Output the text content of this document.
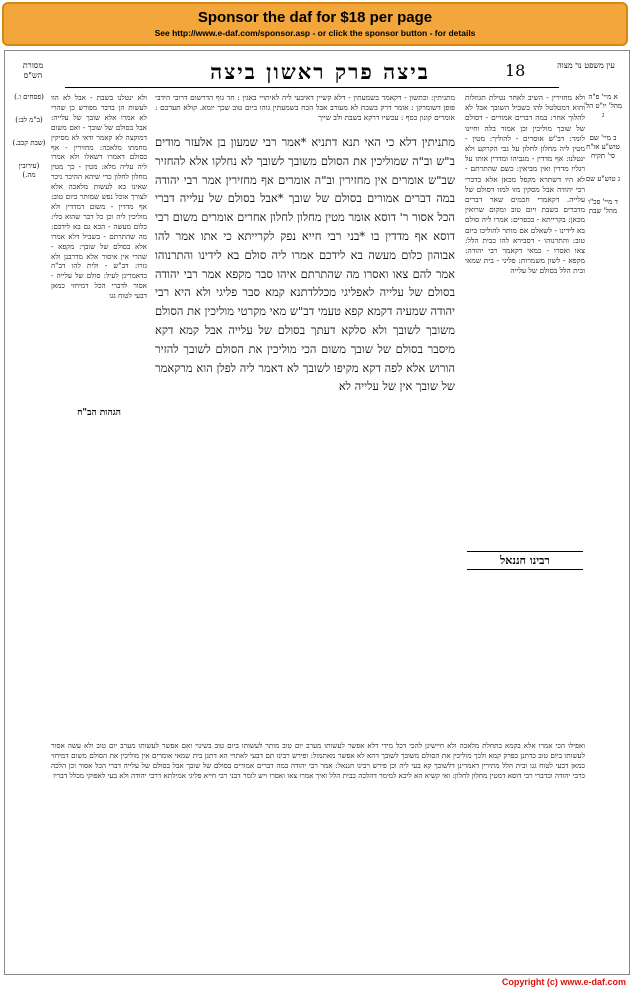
Sponsor the daf for $18 per page
See http://www.e-daf.com/sponsor.asp - or click the sponsor button - for details
מסורת הש"ס	ביצה פרק ראשון ביצה	18	עין משפט נר מצוה
מתניתין: וכתשון - דקאמר בשמעתין - דלא קשיין דאיבעי ליה לאיתויי באגין : חד גוף הדרשום דרובי הידבי פופן דשומרקן : אומר דרק בשבת לא מעורב אבל הכח בשמעתין גוהו ביום טוב שכך יומא. קולא תערכם : אומרים קונון כסף : עכשיו דרקא בשבת ולב שייך
מתניתין דלא כי האי תנא דתניא *אמר רבי שמעון בן אלעזר מודים ב"ש וב"ה שמוליכין את הסולם משובך לשובך לא נחלקו אלא להחזיר שב"ש אומרים אין מחזירין וב"ה אומרים אף מחזירין אמר רבי יהודה במה דברים אמורים בסולם של שובך *אבל בסולם של עלייה דברי הכל אסור ר' דוסא אומר מטין מחלון לחלון אחרים אומרים משום רבי דוסא אף מדדין בו *בני רבי חייא נפק לקרייתא כי אתו אמר להו אבוהון כלום מעשה בא לידכם אמרו ליה סולם בא לידינו והתרנוהו אמר להם צאו ואסרו מה שהתרתם איהו סבר מקפא אמר רבי יהודה בסולם של עלייה לאפליגי מכללדתנא קמא סבר פליגי ולא היא רבי יהודה שמעיה דקמא קפא טעמי דב"ש מאי מקרטי מוליכין את הסולם משובך לשובך ולא סלקא דעתך בסולם של עלייה אבל קמא דקא מיסבר בסולם של שובך משום הכי מוליכין את הסולם לשובך להזיר הורוש אלא לפה דקא מקיפו לשובך לא דאמר ליה לפלן הוא מרקאמר של שובך אין של עלייה לא
ולא מחזירין - השיב לאחר נטילת תגוזלות והוא דמטלטל להו בשביל השובך אבל לא להלוך אחר: במה דברים אמורים - דסולם של שובך מוליכין וכן אמור בלה וחיינו לומר: דב"ש אוסרים - להוליך: מטין - מטין ליה מחלון לחלון על גבי הקרקע ולא ינטלנו: אף מדדין - מגביהו ומדדין אותו על רגליו מדדין ואין מביאין: כשם שהתרתם - לא היו דשתרא מקפל מכאן אלא כדברי רבי יהודה אבל מסקין מזו למזו דסולם של עלייה. דקאמרי חכמים שאר דברים מדברים בשבת ויום טוב ומקום שרואין מכאן: בקרייתא - בכפרים: אמרו ליה סולם בא לידינו - לשאלם אם מותר להוליכו ביום טוב: והתרנוהו - דסבירא להו כבית הלל: צאו ואסרו - כמאי דקאמר רבי יהודה: מקפא - לשון משמרות: פליגי - בית שמאי ובית הלל בסולם של עלייה
ולא ינטלנו בשבת - אבל לא הוו לעשות הן בדבר מפורש כן שהרי לא אמרו אלא שובך של עלייה: אבל בסולם של שובך - ואם משום דמוקצה לא קאמר ודאי לא מסיקין מחמתו מלאכה: מחזירין - אף בסולם דאמרו דשאלו ולא אמרו ליה עליה מלא: מטין - כך מטין מחלון לחלון כדי שיהא ההיכר ניכר שאינו בא לעשות מלאכה אלא לצורך אוכל נפש שמותר ביום טוב: אף מדדין - משום דמדדין ולא מוליכין ליה וכן כל דבר שהוא כלי: כלום מעשה - הכא גם בא לידכם: מה שהתרתם - בשביל דלא אמרו אלא בסולם של שובך: מקפא - שהרי אין איסור אלא מדרבנן ולא גזרו: דב"ש - ולית להו דב"ה כדאמרינן לעיל: סולם של עלייה - אסור לדברי הכל דמיחזי כמאן דבעי לטוח גגו
ואפילו הכי אמרו אלא בקמא בתחלת מלאכה ולא חיישינן להכי דכל מידי דלא אפשר לעשותו מערב יום טוב מותר לעשותו ביום טוב בשינוי ואם אפשר לעשותו מערב יום טוב ולא עשה אסור לעשותו ביום טוב כדתנן בפרק קמא ולכך מוליכין את הסולם משובך לשובך דהא לא אפשר מאתמול: ופירש רבינו תם דבעי לאתויי הא דתנן בית שמאי אומרים אין מוליכין את הסולם משום דמיחזי כמאן דבעי לטוח גגו ובית הלל מתירין דאמרינן דלשובך קא בעי ליה וכן פירש רבינו חננאל: אמר רבי יהודה במה דברים אמורים בסולם של שובך אבל בסולם של עלייה דברי הכל אסור וכן הלכה כרבי יהודה וכדברי רבי דוסא דמטין מחלון לחלון: ואי קשיא הא ליכא למימר דהלכה כבית הלל ואיך אמרו צאו ואסרו ויש לומר דבני רבי חייא פליגי אמילתא דרבי יהודה ולא בעי לאפוקי מכלל דבריו
רבינו חננאל
הגהות הב"ח
(פסחים ו.)
(ב"מ לב:)
(שבת קכב.)
(עירובין מה.)
א מיי' פ"ה מהל' יו"ט הל' ג
ב מיי' שם טוש"ע או"ח סי' תקיח
ג טוש"ע שם
ד מיי' פכ"ו מהל' שבת
Copyright (c) www.e-daf.com
